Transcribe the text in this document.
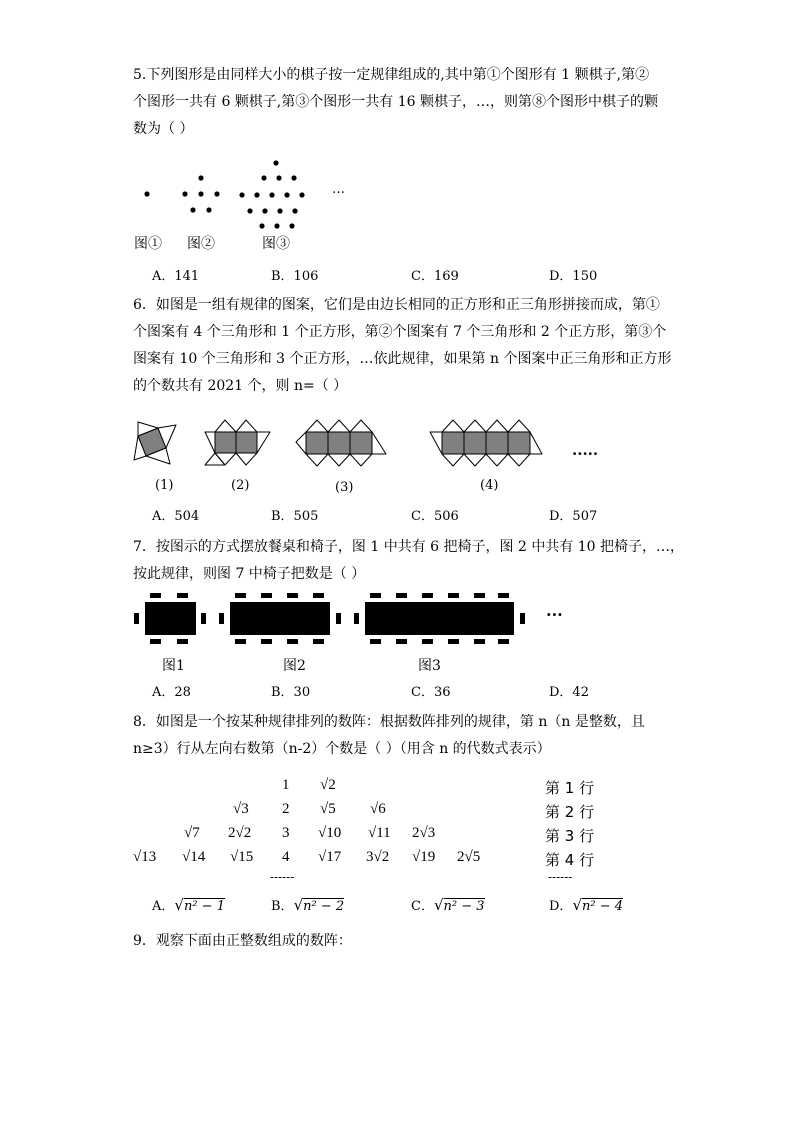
5.下列图形是由同样大小的棋子按一定规律组成的,其中第①个图形有 1 颗棋子,第②
个图形一共有 6 颗棋子,第③个图形一共有 16 颗棋子，…，则第⑧个图形中棋子的颗
数为（ ）
…
图① 图②	图③
A．141	B．106	C．169	D．150
6．如图是一组有规律的图案，它们是由边长相同的正方形和正三角形拼接而成，第①
个图案有 4 个三角形和 1 个正方形，第②个图案有 7 个三角形和 2 个正方形，第③个
图案有 10 个三角形和 3 个正方形，…依此规律，如果第 n 个图案中正三角形和正方形
的个数共有 2021 个，则 n=（ ）
·····
(1)	(2)	(3)	(4)
A．504	B．505	C．506	D．507
7．按图示的方式摆放餐桌和椅子，图 1 中共有 6 把椅子，图 2 中共有 10 把椅子，…，
按此规律，则图 7 中椅子把数是（ ）
···
图1	图2	图3
A．28	B．30	C．36	D．42
8．如图是一个按某种规律排列的数阵：根据数阵排列的规律，第 n（n 是整数，且
n≥3）行从左向右数第（n-2）个数是（ ）（用含 n 的代数式表示）
1 √2
√3 2 √5 √6
√7 2√2 3 √10 √11 2√3
√13 √14 √15 4 √17 3√2 √19 2√5
------
第 1 行
第 2 行
第 3 行
第 4 行
------
A．√n² − 1	B．√n² − 2	C．√n² − 3	D．√n² − 4
9．观察下面由正整数组成的数阵：
